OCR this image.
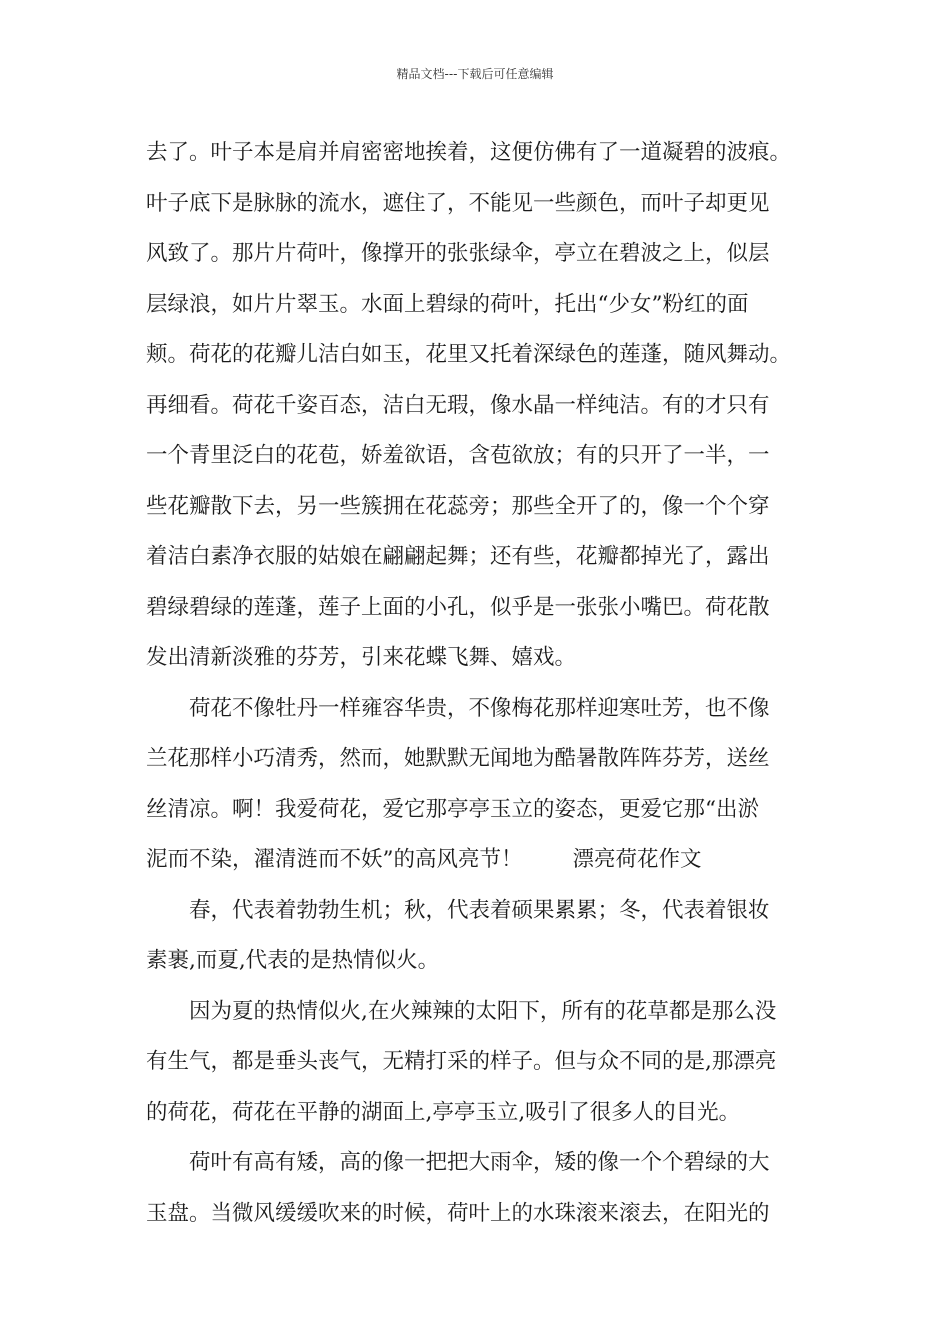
精品文档---下载后可任意编辑
去了。叶子本是肩并肩密密地挨着，这便仿佛有了一道凝碧的波痕。
叶子底下是脉脉的流水，遮住了，不能见一些颜色，而叶子却更见
风致了。那片片荷叶，像撑开的张张绿伞，亭立在碧波之上，似层
层绿浪，如片片翠玉。水面上碧绿的荷叶，托出“少女”粉红的面
颊。荷花的花瓣儿洁白如玉，花里又托着深绿色的莲蓬，随风舞动。
再细看。荷花千姿百态，洁白无瑕，像水晶一样纯洁。有的才只有
一个青里泛白的花苞，娇羞欲语，含苞欲放；有的只开了一半，一
些花瓣散下去，另一些簇拥在花蕊旁；那些全开了的，像一个个穿
着洁白素净衣服的姑娘在翩翩起舞；还有些，花瓣都掉光了，露出
碧绿碧绿的莲蓬，莲子上面的小孔，似乎是一张张小嘴巴。荷花散
发出清新淡雅的芬芳，引来花蝶飞舞、嬉戏。
荷花不像牡丹一样雍容华贵，不像梅花那样迎寒吐芳，也不像
兰花那样小巧清秀，然而，她默默无闻地为酷暑散阵阵芬芳，送丝
丝清凉。啊！我爱荷花，爱它那亭亭玉立的姿态，更爱它那“出淤
泥而不染，濯清涟而不妖”的高风亮节！ 漂亮荷花作文
春，代表着勃勃生机；秋，代表着硕果累累；冬，代表着银妆
素裹,而夏,代表的是热情似火。
因为夏的热情似火,在火辣辣的太阳下，所有的花草都是那么没
有生气，都是垂头丧气，无精打采的样子。但与众不同的是,那漂亮
的荷花，荷花在平静的湖面上,亭亭玉立,吸引了很多人的目光。
荷叶有高有矮，高的像一把把大雨伞，矮的像一个个碧绿的大
玉盘。当微风缓缓吹来的时候，荷叶上的水珠滚来滚去，在阳光的
